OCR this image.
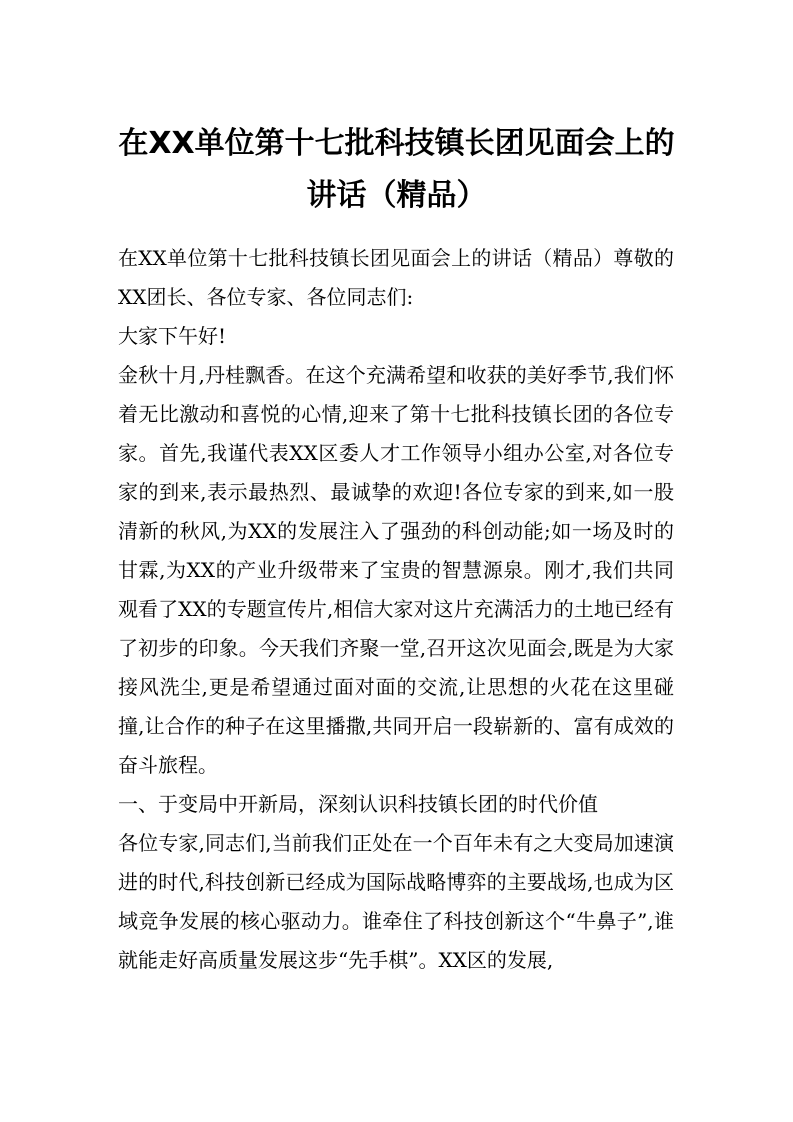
在XX单位第十七批科技镇长团见面会上的
讲话（精品）

在XX单位第十七批科技镇长团见面会上的讲话（精品）尊敬的XX团长、各位专家、各位同志们:

大家下午好!

金秋十月,丹桂飘香。在这个充满希望和收获的美好季节,我们怀着无比激动和喜悦的心情,迎来了第十七批科技镇长团的各位专家。首先,我谨代表XX区委人才工作领导小组办公室,对各位专家的到来,表示最热烈、最诚挚的欢迎!各位专家的到来,如一股清新的秋风,为XX的发展注入了强劲的科创动能;如一场及时的甘霖,为XX的产业升级带来了宝贵的智慧源泉。刚才,我们共同观看了XX的专题宣传片,相信大家对这片充满活力的土地已经有了初步的印象。今天我们齐聚一堂,召开这次见面会,既是为大家接风洗尘,更是希望通过面对面的交流,让思想的火花在这里碰撞,让合作的种子在这里播撒,共同开启一段崭新的、富有成效的奋斗旅程。

一、于变局中开新局，深刻认识科技镇长团的时代价值

各位专家,同志们,当前我们正处在一个百年未有之大变局加速演进的时代,科技创新已经成为国际战略博弈的主要战场,也成为区域竞争发展的核心驱动力。谁牵住了科技创新这个“牛鼻子”,谁就能走好高质量发展这步“先手棋”。XX区的发展,
